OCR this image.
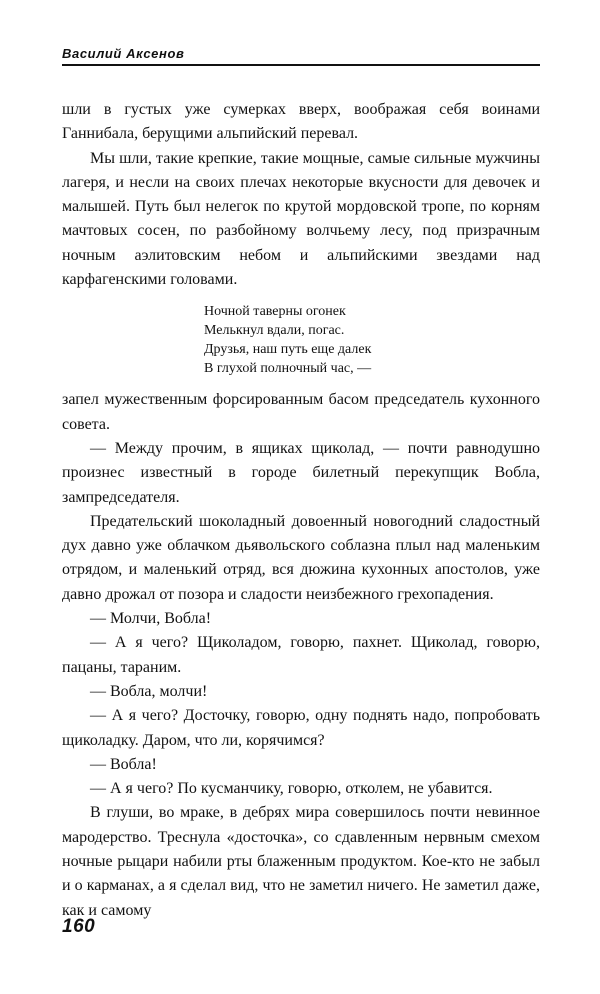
Василий Аксенов

шли в густых уже сумерках вверх, воображая себя воинами Ганнибала, берущими альпийский перевал.

Мы шли, такие крепкие, такие мощные, самые сильные мужчины лагеря, и несли на своих плечах некоторые вкусности для девочек и малышей. Путь был нелегок по крутой мордовской тропе, по корням мачтовых сосен, по разбойному волчьему лесу, под призрачным ночным аэлитовским небом и альпийскими звездами над карфагенскими головами.

Ночной таверны огонек
Мелькнул вдали, погас.
Друзья, наш путь еще далек
В глухой полночный час, —

запел мужественным форсированным басом председатель кухонного совета.

— Между прочим, в ящиках щиколад, — почти равнодушно произнес известный в городе билетный перекупщик Вобла, зампредседателя.

Предательский шоколадный довоенный новогодний сладостный дух давно уже облачком дьявольского соблазна плыл над маленьким отрядом, и маленький отряд, вся дюжина кухонных апостолов, уже давно дрожал от позора и сладости неизбежного грехопадения.

— Молчи, Вобла!

— А я чего? Щиколадом, говорю, пахнет. Щиколад, говорю, пацаны, тараним.

— Вобла, молчи!

— А я чего? Досточку, говорю, одну поднять надо, попробовать щиколадку. Даром, что ли, корячимся?

— Вобла!

— А я чего? По кусманчику, говорю, отколем, не убавится.

В глуши, во мраке, в дебрях мира совершилось почти невинное мародерство. Треснула «досточка», со сдавленным нервным смехом ночные рыцари набили рты блаженным продуктом. Кое-кто не забыл и о карманах, а я сделал вид, что не заметил ничего. Не заметил даже, как и самому

160
